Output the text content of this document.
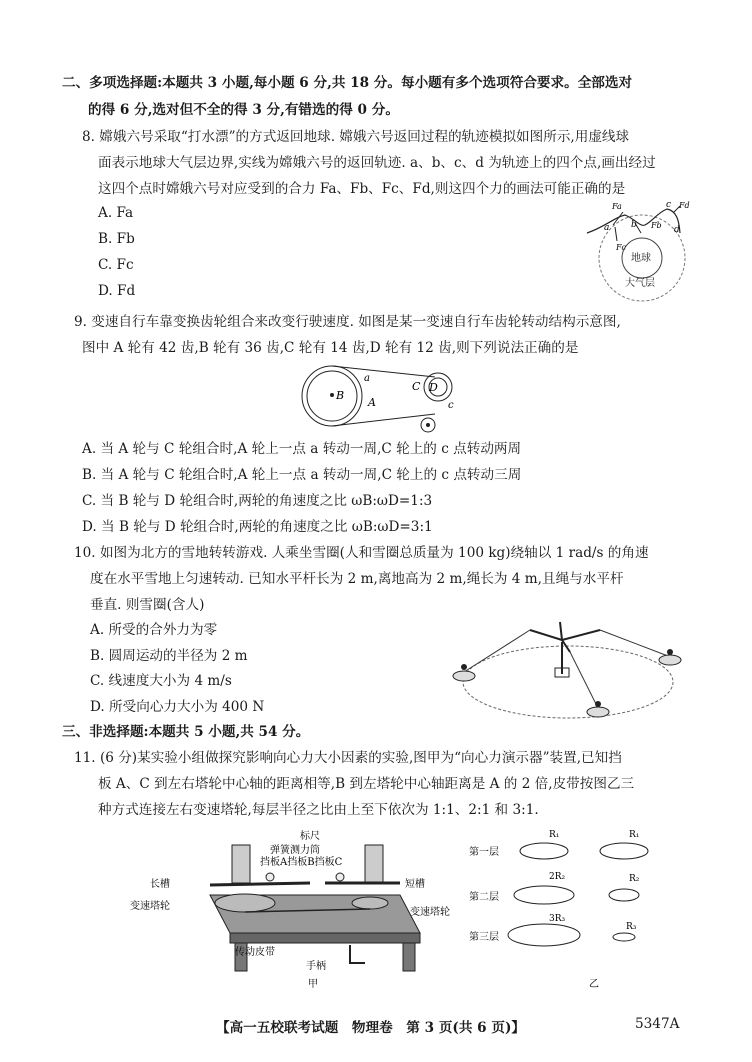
二、多项选择题:本题共 3 小题,每小题 6 分,共 18 分。每小题有多个选项符合要求。全部选对
的得 6 分,选对但不全的得 3 分,有错选的得 0 分。
8. 嫦娥六号采取“打水漂”的方式返回地球. 嫦娥六号返回过程的轨迹模拟如图所示,用虚线球
面表示地球大气层边界,实线为嫦娥六号的返回轨迹. a、b、c、d 为轨迹上的四个点,画出经过
这四个点时嫦娥六号对应受到的合力 Fa、Fb、Fc、Fd,则这四个力的画法可能正确的是
A. Fa
B. Fb
C. Fc
D. Fd
地球
大气层
a b
c
d
Fa
Fb
Fc
Fd
9. 变速自行车靠变换齿轮组合来改变行驶速度. 如图是某一变速自行车齿轮转动结构示意图,
图中 A 轮有 42 齿,B 轮有 36 齿,C 轮有 14 齿,D 轮有 12 齿,则下列说法正确的是
B
A
a
C D
c
A. 当 A 轮与 C 轮组合时,A 轮上一点 a 转动一周,C 轮上的 c 点转动两周
B. 当 A 轮与 C 轮组合时,A 轮上一点 a 转动一周,C 轮上的 c 点转动三周
C. 当 B 轮与 D 轮组合时,两轮的角速度之比 ωB:ωD=1:3
D. 当 B 轮与 D 轮组合时,两轮的角速度之比 ωB:ωD=3:1
10. 如图为北方的雪地转转游戏. 人乘坐雪圈(人和雪圈总质量为 100 kg)绕轴以 1 rad/s 的角速
度在水平雪地上匀速转动. 已知水平杆长为 2 m,离地高为 2 m,绳长为 4 m,且绳与水平杆
垂直. 则雪圈(含人)
A. 所受的合外力为零
B. 圆周运动的半径为 2 m
C. 线速度大小为 4 m/s
D. 所受向心力大小为 400 N
三、非选择题:本题共 5 小题,共 54 分。
11. (6 分)某实验小组做探究影响向心力大小因素的实验,图甲为“向心力演示器”装置,已知挡
板 A、C 到左右塔轮中心轴的距离相等,B 到左塔轮中心轴距离是 A 的 2 倍,皮带按图乙三
种方式连接左右变速塔轮,每层半径之比由上至下依次为 1:1、2:1 和 3:1.
标尺
弹簧测力筒
挡板A挡板B挡板C
长槽	短槽
变速塔轮
变速塔轮
传动皮带
手柄
甲
第一层
R₁	R₁
第二层
2R₂	R₂
第三层
3R₃
R₃
乙
【高一五校联考试题　物理卷　第 3 页(共 6 页)】	5347A
